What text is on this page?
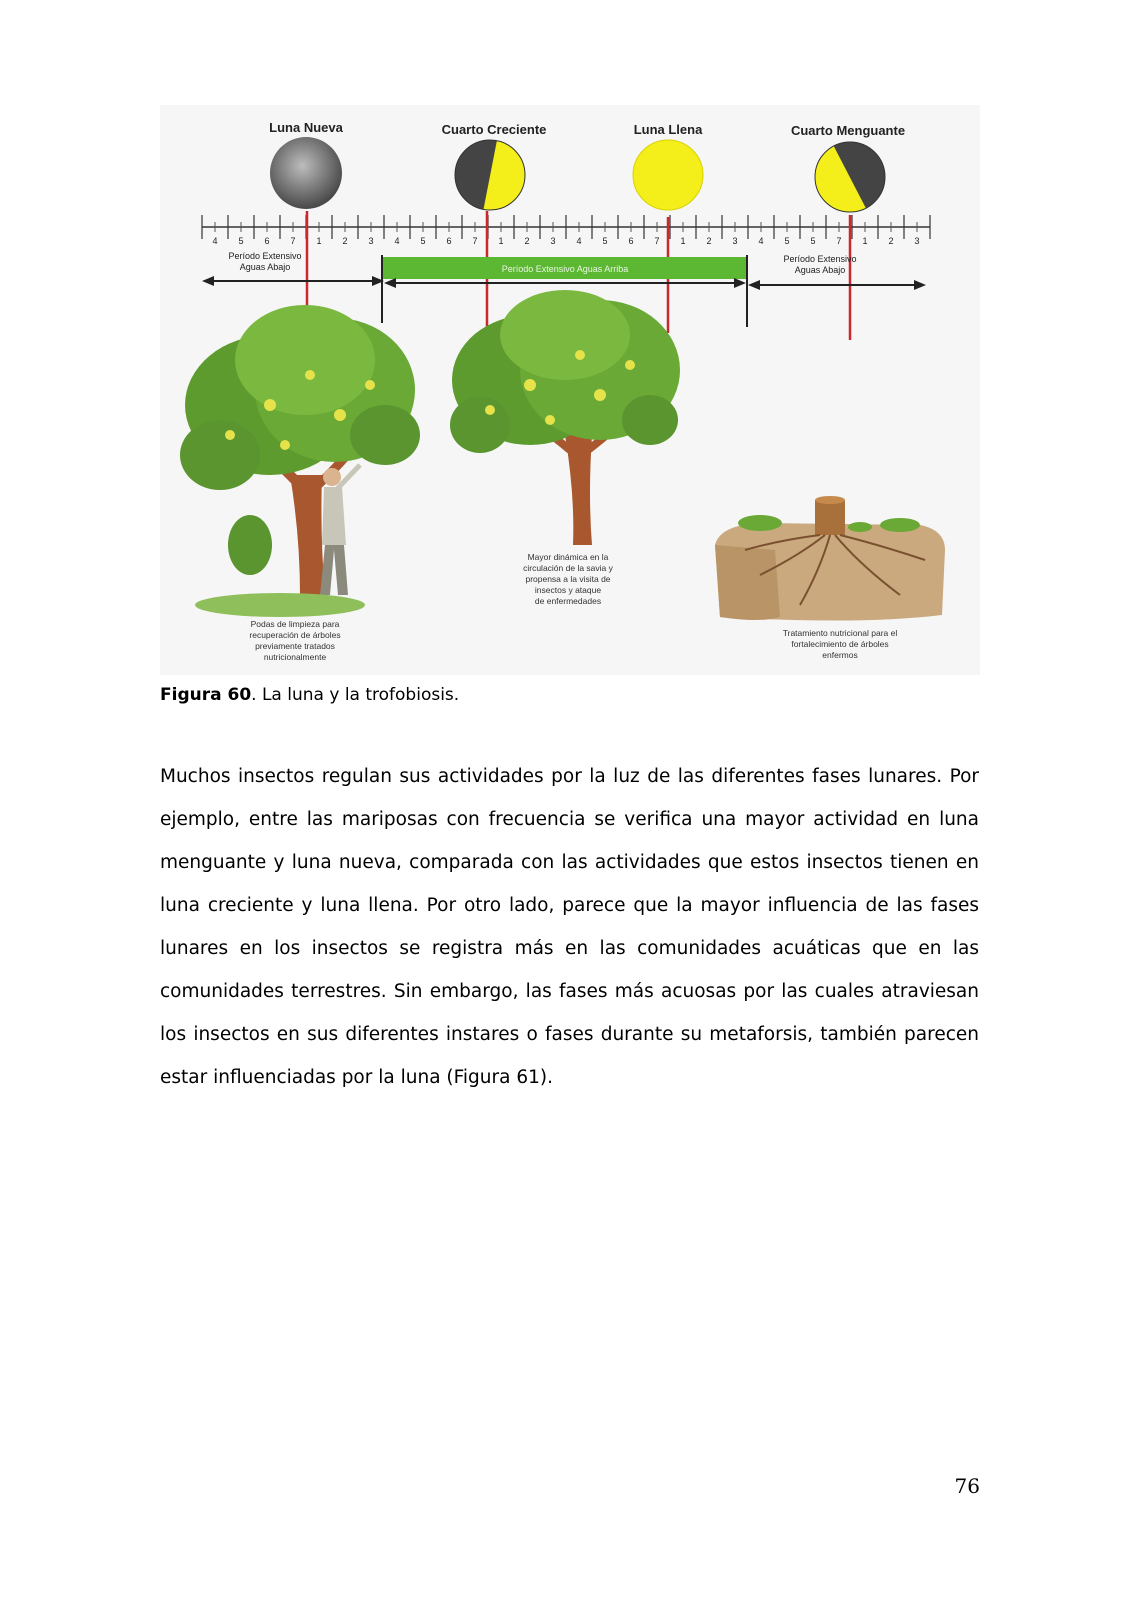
Luna Nueva	Cuarto Creciente	Luna Llena	Cuarto Menguante
4 5 6 7 1 2 3 4 5 6 7 1 2 3 4 5 6 7 1 2 3 4 5 5 7 1 2 3
Período Extensivo
Aguas Abajo	Período Extensivo Aguas Arriba
Período Extensivo
Aguas Abajo
Podas de limpieza para
recuperación de árboles
previamente tratados
nutricionalmente
Mayor dinámica en la
circulación de la savia y
propensa a la visita de
insectos y ataque
de enfermedades
Tratamiento nutricional para el
fortalecimiento de árboles
enfermos
Figura 60. La luna y la trofobiosis.

Muchos insectos regulan sus actividades por la luz de las diferentes fases lunares. Por ejemplo, entre las mariposas con frecuencia se verifica una mayor actividad en luna menguante y luna nueva, comparada con las actividades que estos insectos tienen en luna creciente y luna llena. Por otro lado, parece que la mayor influencia de las fases lunares en los insectos se registra más en las comunidades acuáticas que en las comunidades terrestres. Sin embargo, las fases más acuosas por las cuales atraviesan los insectos en sus diferentes instares o fases durante su metaforsis, también parecen estar influenciadas por la luna (Figura 61).

76
